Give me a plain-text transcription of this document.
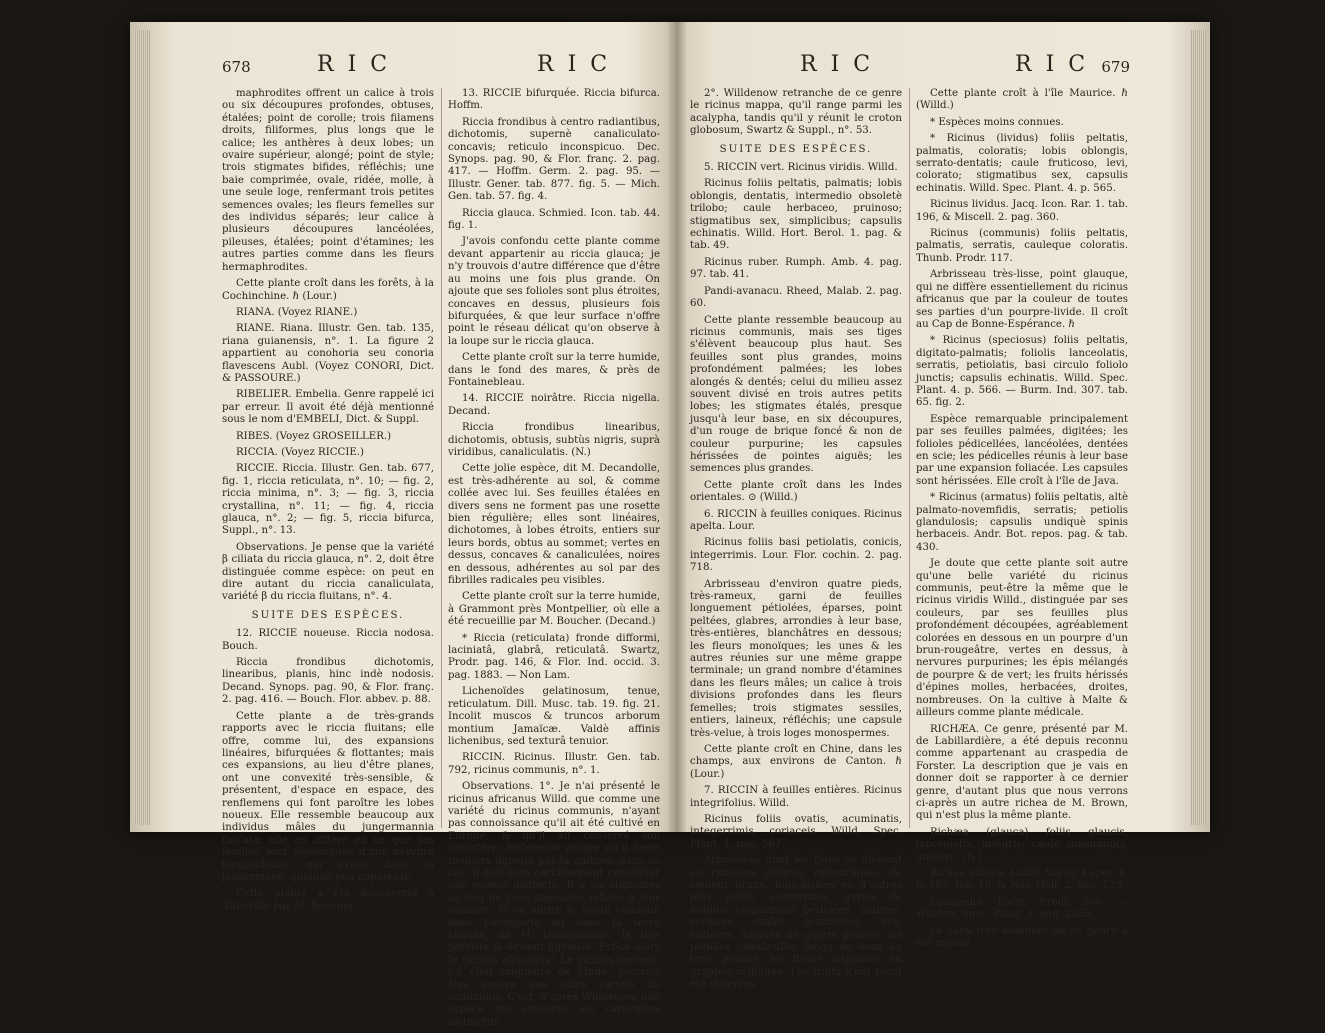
678	RIC	RIC

maphrodites offrent un calice à trois ou six découpures profondes, obtuses, étalées; point de corolle; trois filamens droits, filiformes, plus longs que le calice; les anthères à deux lobes; un ovaire supérieur, alongé; point de style; trois stigmates bifides, réfléchis; une baie comprimée, ovale, ridée, molle, à une seule loge, renfermant trois petites semences ovales; les fleurs femelles sur des individus séparés; leur calice à plusieurs découpures lancéolées, pileuses, étalées; point d'étamines; les autres parties comme dans les fleurs hermaphrodites.

Cette plante croît dans les forêts, à la Cochinchine. ℏ (Lour.)

RIANA. (Voyez RIANE.)

RIANE. Riana. Illustr. Gen. tab. 135, riana guianensis, n°. 1. La figure 2 appartient au conohoria seu conoria flavescens Aubl. (Voyez CONORI, Dict. & PASSOURE.)

RIBELIER. Embelia. Genre rappelé ici par erreur. Il avoit été déjà mentionné sous le nom d'EMBELI, Dict. & Suppl.

RIBES. (Voyez GROSEILLER.)

RICCIA. (Voyez RICCIE.)

RICCIE. Riccia. Illustr. Gen. tab. 677, fig. 1, riccia reticulata, n°. 10; — fig. 2, riccia minima, n°. 3; — fig. 3, riccia crystallina, n°. 11; — fig. 4, riccia glauca, n°. 2; — fig. 5, riccia bifurca, Suppl., n°. 13.

Observations. Je pense que la variété β ciliata du riccia glauca, n°. 2, doit être distinguée comme espèce: on peut en dire autant du riccia canaliculata, variété β du riccia fluitans, n°. 4.

SUITE DES ESPÈCES.

12. RICCIE noueuse. Riccia nodosa. Bouch.

Riccia frondibus dichotomis, linearibus, planis, hinc indè nodosis. Decand. Synops. pag. 90, & Flor. franç. 2. pag. 416. — Bouch. Flor. abbev. p. 88.

Cette plante a de très-grands rapports avec le riccia fluitans; elle offre, comme lui, des expansions linéaires, bifurquées & flottantes; mais ces expansions, au lieu d'être planes, ont une convexité très-sensible, & présentent, d'espace en espace, des renflemens qui font paroître les lobes noueux. Elle ressemble beaucoup aux individus mâles du jungermannia furcata; elle en diffère en ce que ses feuilles sont dépourvues d'une nervure longitudinale qui existe dans la jongermane, quoique peu apparente.

Cette plante a été découverte à Abbeville par M. Boucher.

13. RICCIE bifurquée. Riccia bifurca. Hoffm.

Riccia frondibus à centro radiantibus, dichotomis, supernè canaliculato-concavis; reticulo inconspicuo. Dec. Synops. pag. 90, & Flor. franç. 2. pag. 417. — Hoffm. Germ. 2. pag. 95. — Illustr. Gener. tab. 877. fig. 5. — Mich. Gen. tab. 57. fig. 4.

Riccia glauca. Schmied. Icon. tab. 44. fig. 1.

J'avois confondu cette plante comme devant appartenir au riccia glauca; je n'y trouvois d'autre différence que d'être au moins une fois plus grande. On ajoute que ses folioles sont plus étroites, concaves en dessus, plusieurs fois bifurquées, & que leur surface n'offre point le réseau délicat qu'on observe à la loupe sur le riccia glauca.

Cette plante croît sur la terre humide, dans le fond des mares, & près de Fontainebleau.

14. RICCIE noirâtre. Riccia nigella. Decand.

Riccia frondibus linearibus, dichotomis, obtusis, subtùs nigris, suprà viridibus, canaliculatis. (N.)

Cette jolie espèce, dit M. Decandolle, est très-adhérente au sol, & comme collée avec lui. Ses feuilles étalées en divers sens ne forment pas une rosette bien régulière; elles sont linéaires, dichotomes, à lobes étroits, entiers sur leurs bords, obtus au sommet; vertes en dessus, concaves & canaliculées, noires en dessous, adhérentes au sol par des fibrilles radicales peu visibles.

Cette plante croît sur la terre humide, à Grammont près Montpellier, où elle a été recueillie par M. Boucher. (Decand.)

* Riccia (reticulata) fronde difformi, laciniatâ, glabrâ, reticulatâ. Swartz, Prodr. pag. 146, & Flor. Ind. occid. 3. pag. 1883. — Non Lam.

Lichenoïdes gelatinosum, tenue, reticulatum. Dill. Musc. tab. 19. fig. 21. Incolit muscos & truncos arborum montium Jamaïcæ. Valdè affinis lichenibus, sed texturâ tenuior.

RICCIN. Ricinus. Illustr. Gen. tab. 792, ricinus communis, n°. 1.

Observations. 1°. Je n'ai présenté le ricinus africanus Willd. que comme une variété du ricinus communis, n'ayant pas connoissance qu'il ait été cultivé en Europe, & qu'il ait conservé son caractère. Willdenow assure qu'il reste toujours ligneux par la culture; dans ce cas, il doit bien certainement constituer une espèce distincte. Il a six stigmates au lieu de trois stigmates bifides à leur sommet. Si on abrite le riccin commun dans l'orangerie ou dans la serre chaude, dit M. Desfontaines, la tige persiste & devient ligneuse. Est-ce alors le ricinus africanus? Le ricinus inermis, s'il étoit originaire de l'Inde, pourroit être encore une autre variété du communis. C'est, d'après Willdenow, une espèce qui conserve les caractères distinctifs.

RIC	RIC 679

2°. Willdenow retranche de ce genre le ricinus mappa, qu'il range parmi les acalypha, tandis qu'il y réunit le croton globosum, Swartz & Suppl., n°. 53.

SUITE DES ESPÈCES.

5. RICCIN vert. Ricinus viridis. Willd.

Ricinus foliis peltatis, palmatis; lobis oblongis, dentatis, intermedio obsoletè trilobo; caule herbaceo, pruinoso; stigmatibus sex, simplicibus; capsulis echinatis. Willd. Hort. Berol. 1. pag. & tab. 49.

Ricinus ruber. Rumph. Amb. 4. pag. 97. tab. 41.

Pandi-avanacu. Rheed, Malab. 2. pag. 60.

Cette plante ressemble beaucoup au ricinus communis, mais ses tiges s'élèvent beaucoup plus haut. Ses feuilles sont plus grandes, moins profondément palmées; les lobes alongés & dentés; celui du milieu assez souvent divisé en trois autres petits lobes; les stigmates étalés, presque jusqu'à leur base, en six découpures, d'un rouge de brique foncé & non de couleur purpurine; les capsules hérissées de pointes aiguës; les semences plus grandes.

Cette plante croît dans les Indes orientales. ⊙ (Willd.)

6. RICCIN à feuilles coniques. Ricinus apelta. Lour.

Ricinus foliis basi petiolatis, conicis, integerrimis. Lour. Flor. cochin. 2. pag. 718.

Arbrisseau d'environ quatre pieds, très-rameux, garni de feuilles longuement pétiolées, éparses, point peltées, glabres, arrondies à leur base, très-entières, blanchâtres en dessous; les fleurs monoïques; les unes & les autres réunies sur une même grappe terminale; un grand nombre d'étamines dans les fleurs mâles; un calice à trois divisions profondes dans les fleurs femelles; trois stigmates sessiles, entiers, laineux, réfléchis; une capsule très-velue, à trois loges monospermes.

Cette plante croît en Chine, dans les champs, aux environs de Canton. ℏ (Lour.)

7. RICCIN à feuilles entières. Ricinus integrifolius. Willd.

Ricinus foliis ovatis, acuminatis, integerrimis, coriaceis. Willd. Spec. Plant. 4. pag. 567.

Arbrisseau dont les tiges se divisent en rameaux glabres, cylindriques, de couleur brune, fous-divisés en d'autres plus petits, comprimés, garnis de feuilles longuement pétiolées, glabres, coriaces, ovales, acuminées, très-entières, longues de quatre pouces; les pétioles canaliculés, longs de deux ou trois pouces; les fleurs disposées en grappes axillaires. Les fruits n'ont point été observés.

Cette plante croît à l'île Maurice. ℏ (Willd.)

* Espèces moins connues.

* Ricinus (lividus) foliis peltatis, palmatis, coloratis; lobis oblongis, serrato-dentatis; caule fruticoso, levi, colorato; stigmatibus sex, capsulis echinatis. Willd. Spec. Plant. 4. p. 565.

Ricinus lividus. Jacq. Icon. Rar. 1. tab. 196, & Miscell. 2. pag. 360.

Ricinus (communis) foliis peltatis, palmatis, serratis, cauleque coloratis. Thunb. Prodr. 117.

Arbrisseau très-lisse, point glauque, qui ne diffère essentiellement du ricinus africanus que par la couleur de toutes ses parties d'un pourpre-livide. Il croît au Cap de Bonne-Espérance. ℏ

* Ricinus (speciosus) foliis peltatis, digitato-palmatis; foliolis lanceolatis, serratis, petiolatis, basi circulo foliolo junctis; capsulis echinatis. Willd. Spec. Plant. 4. p. 566. — Burm. Ind. 307. tab. 65. fig. 2.

Espèce remarquable principalement par ses feuilles palmées, digitées; les folioles pédicellées, lancéolées, dentées en scie; les pédicelles réunis à leur base par une expansion foliacée. Les capsules sont hérissées. Elle croît à l'île de Java.

* Ricinus (armatus) foliis peltatis, altè palmato-novemfidis, serratis; petiolis glandulosis; capsulis undiquè spinis herbaceis. Andr. Bot. repos. pag. & tab. 430.

Je doute que cette plante soit autre qu'une belle variété du ricinus communis, peut-être la même que le ricinus viridis Willd., distinguée par ses couleurs, par ses feuilles plus profondément découpées, agréablement colorées en dessous en un pourpre d'un brun-rougeâtre, vertes en dessus, à nervures purpurines; les épis mélangés de pourpre & de vert; les fruits hérissés d'épines molles, herbacées, droites, nombreuses. On la cultive à Malte & ailleurs comme plante médicale.

RICHÆA. Ce genre, présenté par M. de Labillardière, a été depuis reconnu comme appartenant au craspedia de Forster. La description que je vais en donner doit se rapporter à ce dernier genre, d'autant plus que nous verrons ci-après un autre richea de M. Brown, qui n'est plus la même plante.

Richæa (glauca) foliis glaucis, lanceolatis, integris; caule subsimplici, unifloro. (N.)

Richea glauca. Labill. Voyag. Laper. 1. p. 187. tab. 16, & Nov. Holl. 2. pag. 123.

Craspedia. Forst. Prodr. 306. — Willden. Spec. Plant. 3. pag. 2355.

Le caractère essentiel de ce genre a été exposé
